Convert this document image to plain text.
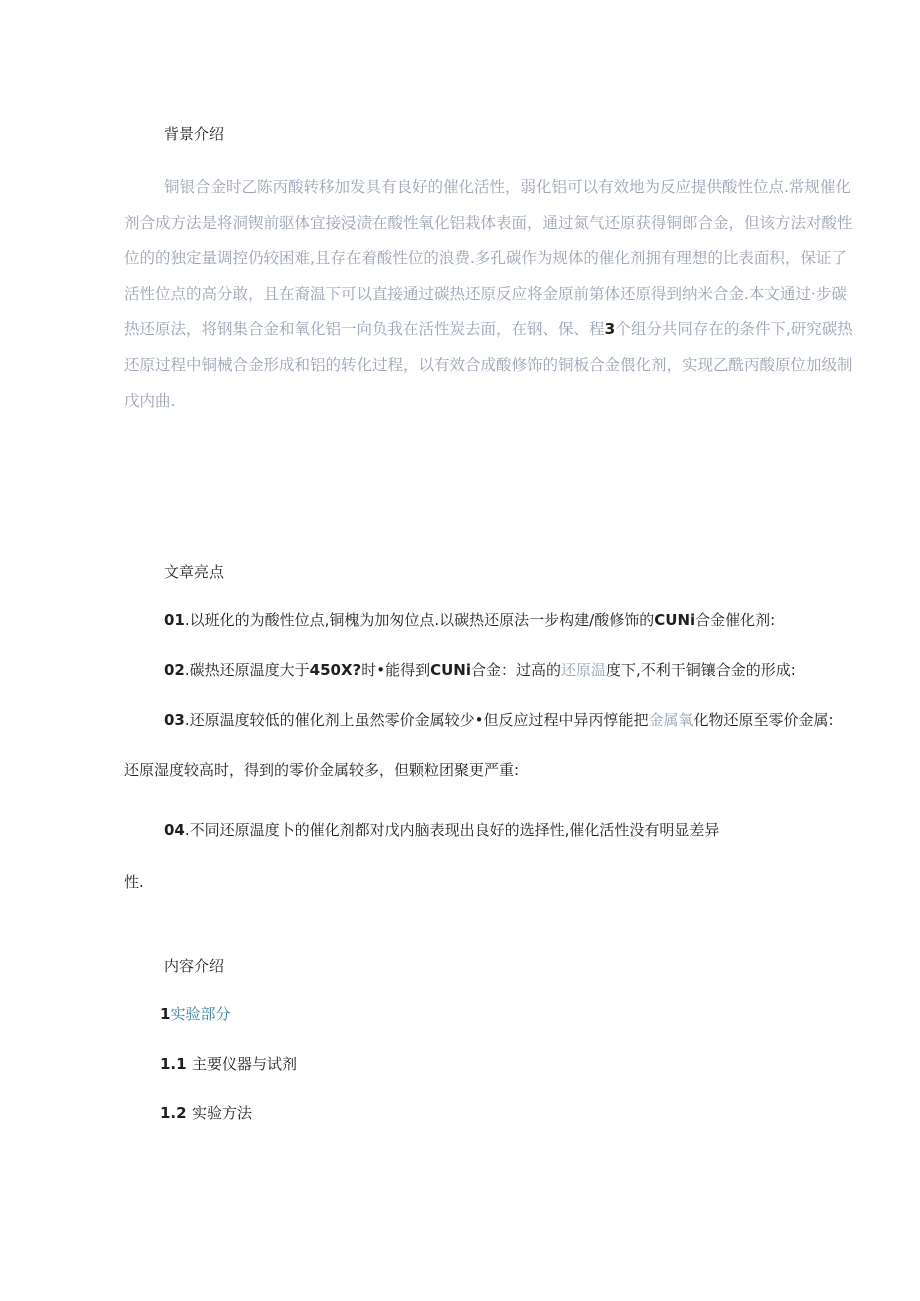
背景介绍
铜银合金时乙陈丙酸转移加发具有良好的催化活性，弱化铝可以有效地为反应提供酸性位点.常规催化
剂合成方法是将洞锲前驱体宜接浸渍在酸性氧化铝栽体表面，通过氮气还原获得铜郎合金，但该方法对酸性
位的的独定量调控仍较困难,且存在着酸性位的浪费.多孔碳作为规体的催化剂拥有理想的比表面积，保证了
活性位点的高分敢，且在裔温下可以直接通过碳热还原反应将金原前第体还原得到纳米合金.本文通过·步碳
热还原法，将钢集合金和氧化铝一向负我在活性炭去面，在钢、保、程3个组分共同存在的条件下,研究碳热
还原过程中铜械合金形成和铝的转化过程，以有效合成酸修饰的铜板合金偎化剂，实现乙酰丙酸原位加级制
戊内曲.
文章亮点
01.以班化的为酸性位点,铜槐为加匆位点.以碳热还原法一步构建/酸修饰的CUNi合金催化剂:
02.碳热还原温度大于450X?时•能得到CUNi合金：过高的还原温度下,不利干铜镶合金的形成:
03.还原温度较低的催化剂上虽然零价金属较少•但反应过程中异丙惇能把金属氧化物还原至零价金属:
还原湿度较高时，得到的零价金属较多，但颗粒团聚更严重:
04.不同还原温度卜的催化剂都对戊内脑表现出良好的选择性,催化活性没有明显差异
性.
内容介绍
1实验部分
1.1 主要仪器与试剂
1.2 实验方法
